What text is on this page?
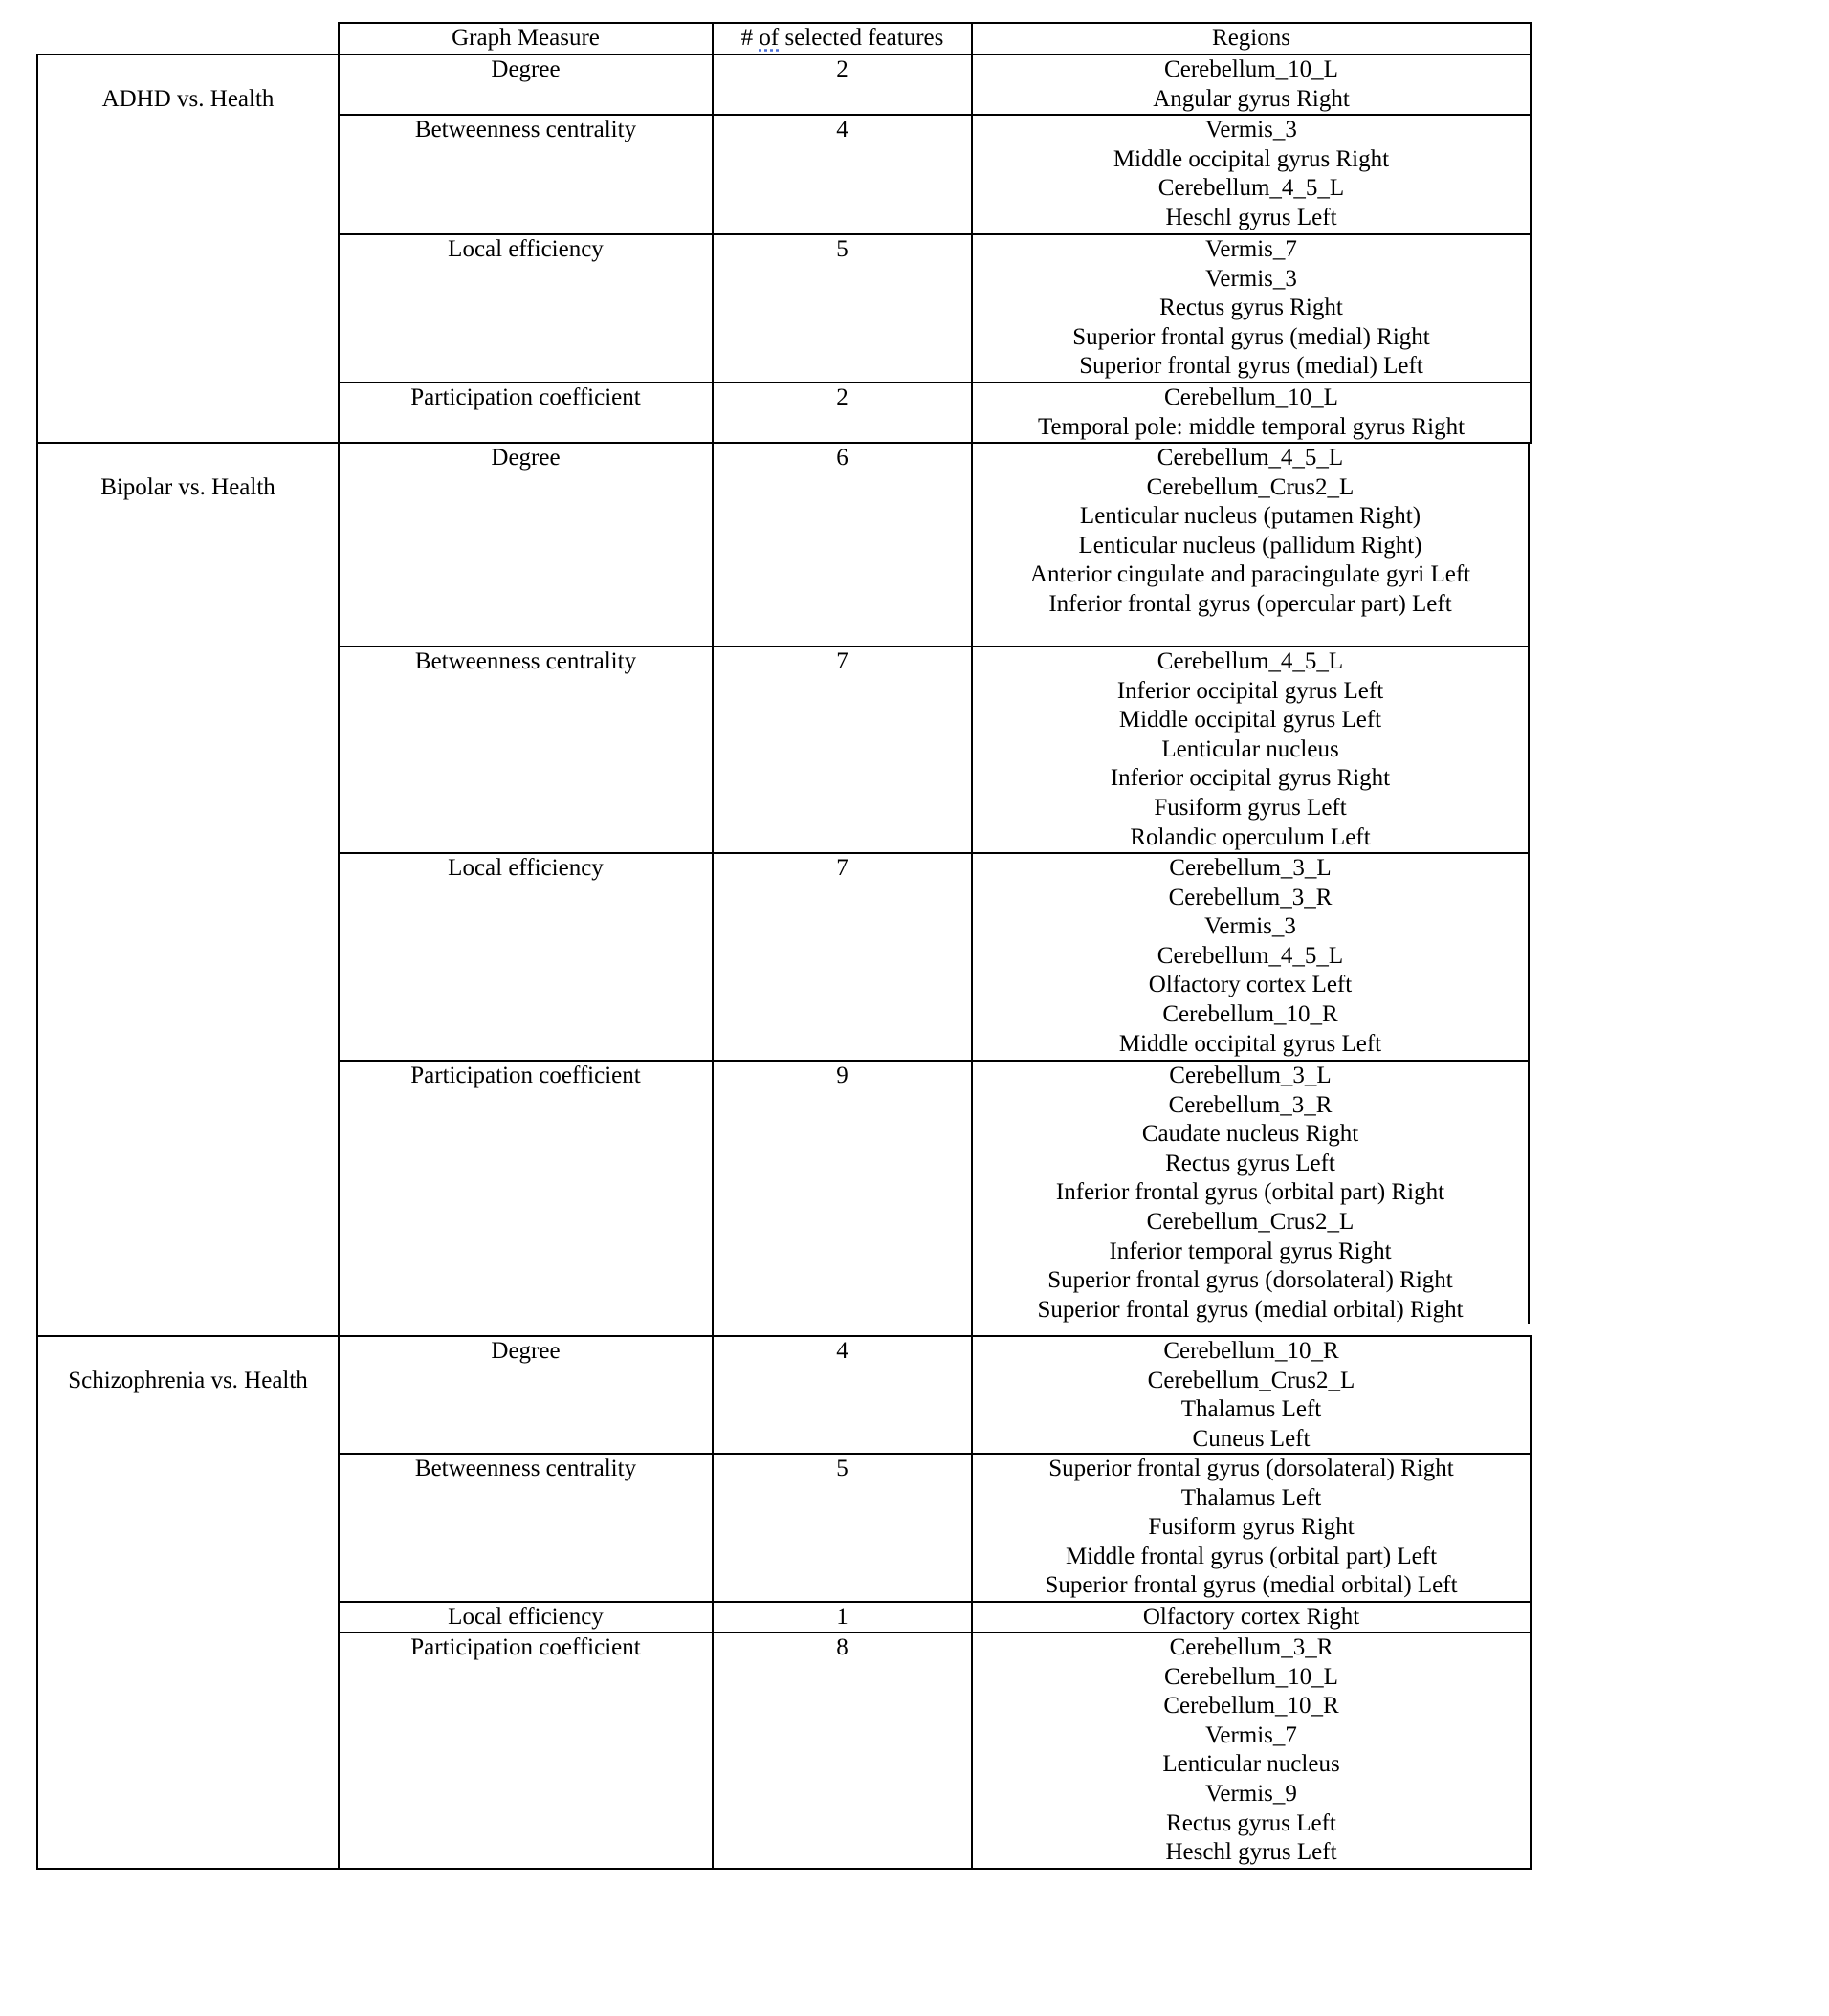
Graph Measure	# of selected features	Regions
ADHD vs. Health
Degree	2	Cerebellum_10_L
Angular gyrus Right
Betweenness centrality	4	Vermis_3
Middle occipital gyrus Right
Cerebellum_4_5_L
Heschl gyrus Left
Local efficiency	5	Vermis_7
Vermis_3
Rectus gyrus Right
Superior frontal gyrus (medial) Right
Superior frontal gyrus (medial) Left
Participation coefficient	2	Cerebellum_10_L
Temporal pole: middle temporal gyrus Right
Bipolar vs. Health
Degree	6	Cerebellum_4_5_L
Cerebellum_Crus2_L
Lenticular nucleus (putamen Right)
Lenticular nucleus (pallidum Right)
Anterior cingulate and paracingulate gyri Left
Inferior frontal gyrus (opercular part) Left
Betweenness centrality	7	Cerebellum_4_5_L
Inferior occipital gyrus Left
Middle occipital gyrus Left
Lenticular nucleus
Inferior occipital gyrus Right
Fusiform gyrus Left
Rolandic operculum Left
Local efficiency	7	Cerebellum_3_L
Cerebellum_3_R
Vermis_3
Cerebellum_4_5_L
Olfactory cortex Left
Cerebellum_10_R
Middle occipital gyrus Left
Participation coefficient	9	Cerebellum_3_L
Cerebellum_3_R
Caudate nucleus Right
Rectus gyrus Left
Inferior frontal gyrus (orbital part) Right
Cerebellum_Crus2_L
Inferior temporal gyrus Right
Superior frontal gyrus (dorsolateral) Right
Superior frontal gyrus (medial orbital) Right
Schizophrenia vs. Health
Degree	4	Cerebellum_10_R
Cerebellum_Crus2_L
Thalamus Left
Cuneus Left
Betweenness centrality	5	Superior frontal gyrus (dorsolateral) Right
Thalamus Left
Fusiform gyrus Right
Middle frontal gyrus (orbital part) Left
Superior frontal gyrus (medial orbital) Left
Local efficiency	1	Olfactory cortex Right
Participation coefficient	8	Cerebellum_3_R
Cerebellum_10_L
Cerebellum_10_R
Vermis_7
Lenticular nucleus
Vermis_9
Rectus gyrus Left
Heschl gyrus Left
